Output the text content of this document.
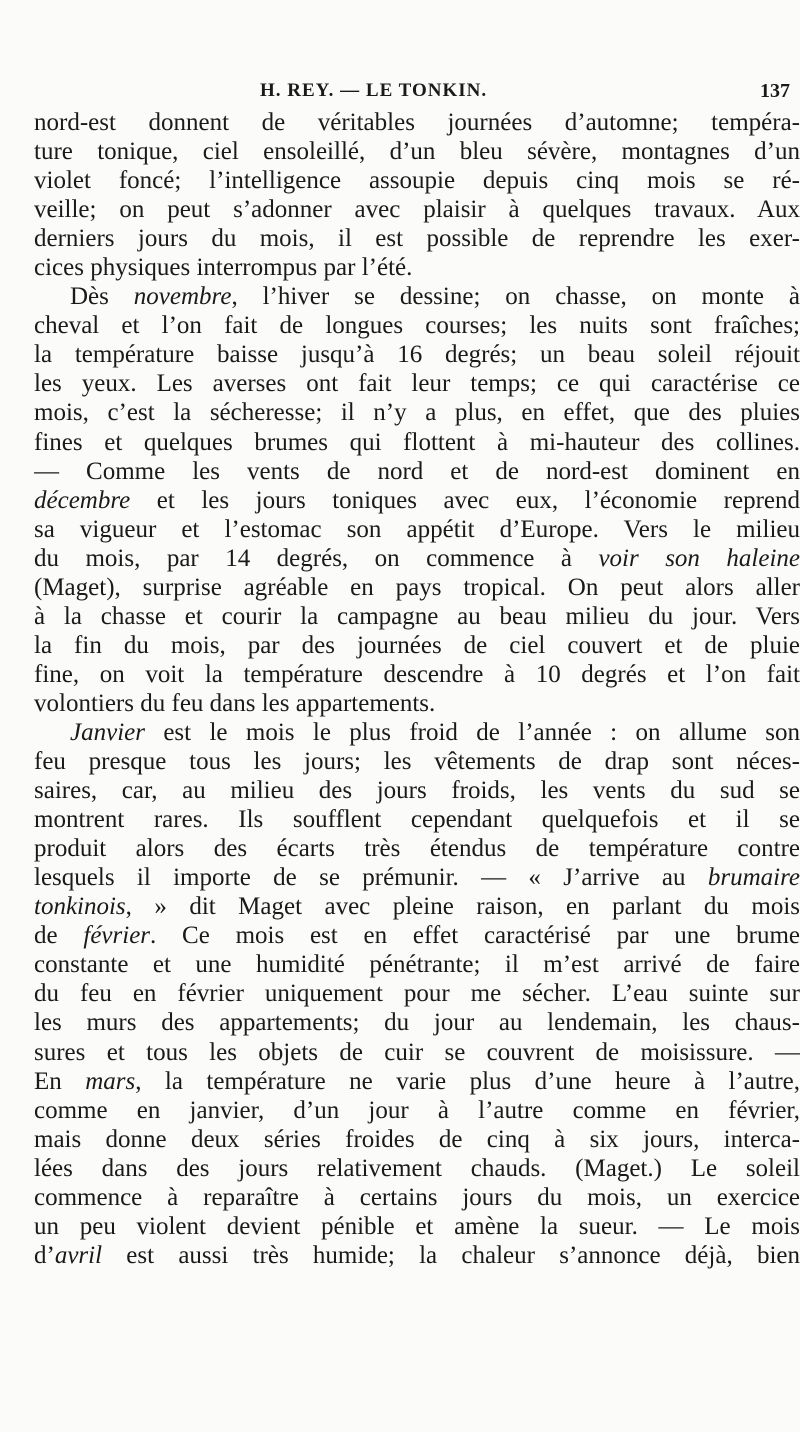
H. REY. — LE TONKIN.	137
nord-est donnent de véritables journées d’automne; tempéra-
ture tonique, ciel ensoleillé, d’un bleu sévère, montagnes d’un
violet foncé; l’intelligence assoupie depuis cinq mois se ré-
veille; on peut s’adonner avec plaisir à quelques travaux. Aux
derniers jours du mois, il est possible de reprendre les exer-
cices physiques interrompus par l’été.
Dès novembre, l’hiver se dessine; on chasse, on monte à
cheval et l’on fait de longues courses; les nuits sont fraîches;
la température baisse jusqu’à 16 degrés; un beau soleil réjouit
les yeux. Les averses ont fait leur temps; ce qui caractérise ce
mois, c’est la sécheresse; il n’y a plus, en effet, que des pluies
fines et quelques brumes qui flottent à mi-hauteur des collines.
— Comme les vents de nord et de nord-est dominent en
décembre et les jours toniques avec eux, l’économie reprend
sa vigueur et l’estomac son appétit d’Europe. Vers le milieu
du mois, par 14 degrés, on commence à voir son haleine
(Maget), surprise agréable en pays tropical. On peut alors aller
à la chasse et courir la campagne au beau milieu du jour. Vers
la fin du mois, par des journées de ciel couvert et de pluie
fine, on voit la température descendre à 10 degrés et l’on fait
volontiers du feu dans les appartements.
Janvier est le mois le plus froid de l’année : on allume son
feu presque tous les jours; les vêtements de drap sont néces-
saires, car, au milieu des jours froids, les vents du sud se
montrent rares. Ils soufflent cependant quelquefois et il se
produit alors des écarts très étendus de température contre
lesquels il importe de se prémunir. — « J’arrive au brumaire
tonkinois, » dit Maget avec pleine raison, en parlant du mois
de février. Ce mois est en effet caractérisé par une brume
constante et une humidité pénétrante; il m’est arrivé de faire
du feu en février uniquement pour me sécher. L’eau suinte sur
les murs des appartements; du jour au lendemain, les chaus-
sures et tous les objets de cuir se couvrent de moisissure. —
En mars, la température ne varie plus d’une heure à l’autre,
comme en janvier, d’un jour à l’autre comme en février,
mais donne deux séries froides de cinq à six jours, interca-
lées dans des jours relativement chauds. (Maget.) Le soleil
commence à reparaître à certains jours du mois, un exercice
un peu violent devient pénible et amène la sueur. — Le mois
d’avril est aussi très humide; la chaleur s’annonce déjà, bien
